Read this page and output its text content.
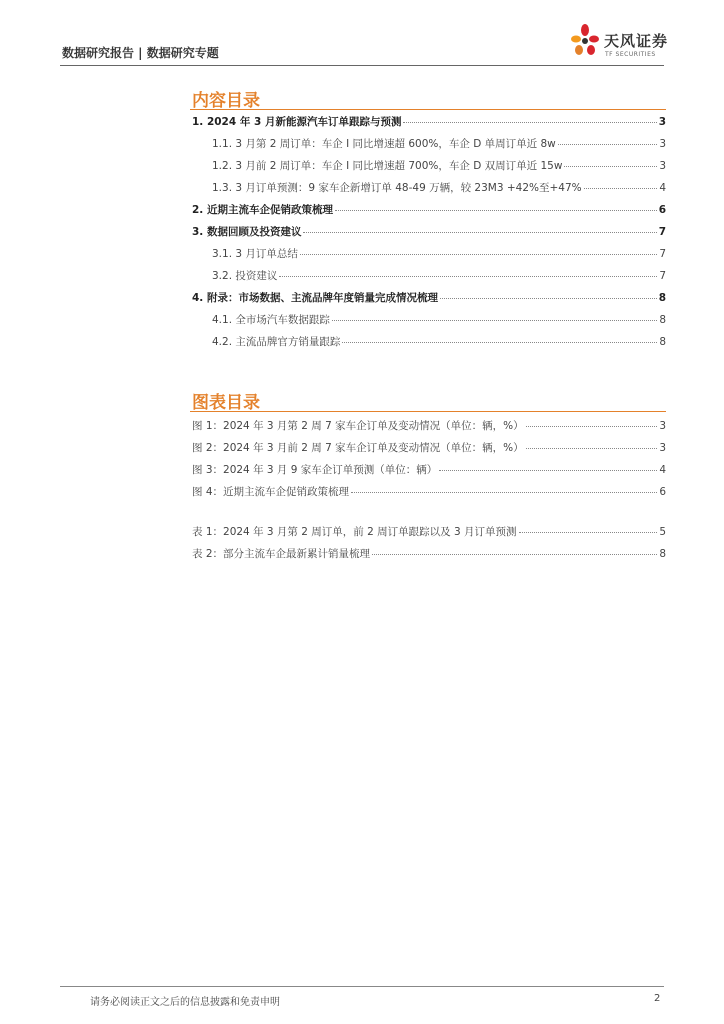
数据研究报告 | 数据研究专题
天风证券
TF SECURITIES
内容目录
1. 2024 年 3 月新能源汽车订单跟踪与预测	3
1.1. 3 月第 2 周订单：车企 I 同比增速超 600%，车企 D 单周订单近 8w	3
1.2. 3 月前 2 周订单：车企 I 同比增速超 700%，车企 D 双周订单近 15w	3
1.3. 3 月订单预测：9 家车企新增订单 48-49 万辆，较 23M3 +42%至+47%	4
2. 近期主流车企促销政策梳理	6
3. 数据回顾及投资建议	7
3.1. 3 月订单总结	7
3.2. 投资建议	7
4. 附录：市场数据、主流品牌年度销量完成情况梳理	8
4.1. 全市场汽车数据跟踪	8
4.2. 主流品牌官方销量跟踪	8
图表目录
图 1：2024 年 3 月第 2 周 7 家车企订单及变动情况（单位：辆，%）	3
图 2：2024 年 3 月前 2 周 7 家车企订单及变动情况（单位：辆，%）	3
图 3：2024 年 3 月 9 家车企订单预测（单位：辆）	4
图 4：近期主流车企促销政策梳理	6
表 1：2024 年 3 月第 2 周订单，前 2 周订单跟踪以及 3 月订单预测	5
表 2：部分主流车企最新累计销量梳理	8
请务必阅读正文之后的信息披露和免责申明	2
